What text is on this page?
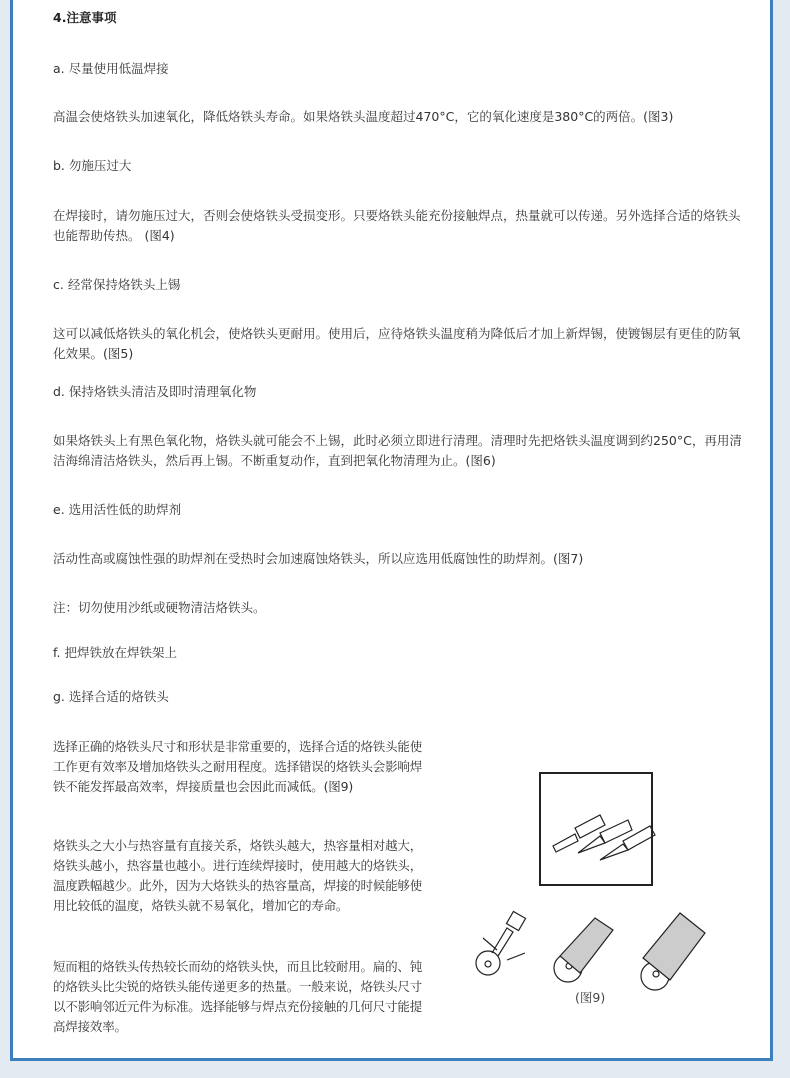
4.注意事项
a. 尽量使用低温焊接
高温会使烙铁头加速氧化，降低烙铁头寿命。如果烙铁头温度超过470°C，它的氧化速度是380°C的两倍。(图3)
b. 勿施压过大
在焊接时，请勿施压过大，否则会使烙铁头受损变形。只要烙铁头能充份接触焊点，热量就可以传递。另外选择合适的烙铁头也能帮助传热。 (图4)
c. 经常保持烙铁头上锡
这可以减低烙铁头的氧化机会，使烙铁头更耐用。使用后，应待烙铁头温度稍为降低后才加上新焊锡，使镀锡层有更佳的防氧化效果。(图5)
d. 保持烙铁头清洁及即时清理氧化物
如果烙铁头上有黑色氧化物，烙铁头就可能会不上锡，此时必须立即进行清理。清理时先把烙铁头温度调到约250°C，再用清洁海绵清洁烙铁头，然后再上锡。不断重复动作，直到把氧化物清理为止。(图6)
e. 选用活性低的助焊剂
活动性高或腐蚀性强的助焊剂在受热时会加速腐蚀烙铁头，所以应选用低腐蚀性的助焊剂。(图7)
注：切勿使用沙纸或硬物清洁烙铁头。
f. 把焊铁放在焊铁架上
g. 选择合适的烙铁头
选择正确的烙铁头尺寸和形状是非常重要的，选择合适的烙铁头能使工作更有效率及增加烙铁头之耐用程度。选择错误的烙铁头会影响焊铁不能发挥最高效率，焊接质量也会因此而减低。(图9)
烙铁头之大小与热容量有直接关系，烙铁头越大，热容量相对越大，烙铁头越小，热容量也越小。进行连续焊接时，使用越大的烙铁头，温度跌幅越少。此外，因为大烙铁头的热容量高，焊接的时候能够使用比较低的温度，烙铁头就不易氧化，增加它的寿命。
短而粗的烙铁头传热较长而幼的烙铁头快，而且比较耐用。扁的、钝的烙铁头比尖锐的烙铁头能传递更多的热量。一般来说，烙铁头尺寸以不影响邻近元件为标准。选择能够与焊点充份接触的几何尺寸能提高焊接效率。
(图9)
